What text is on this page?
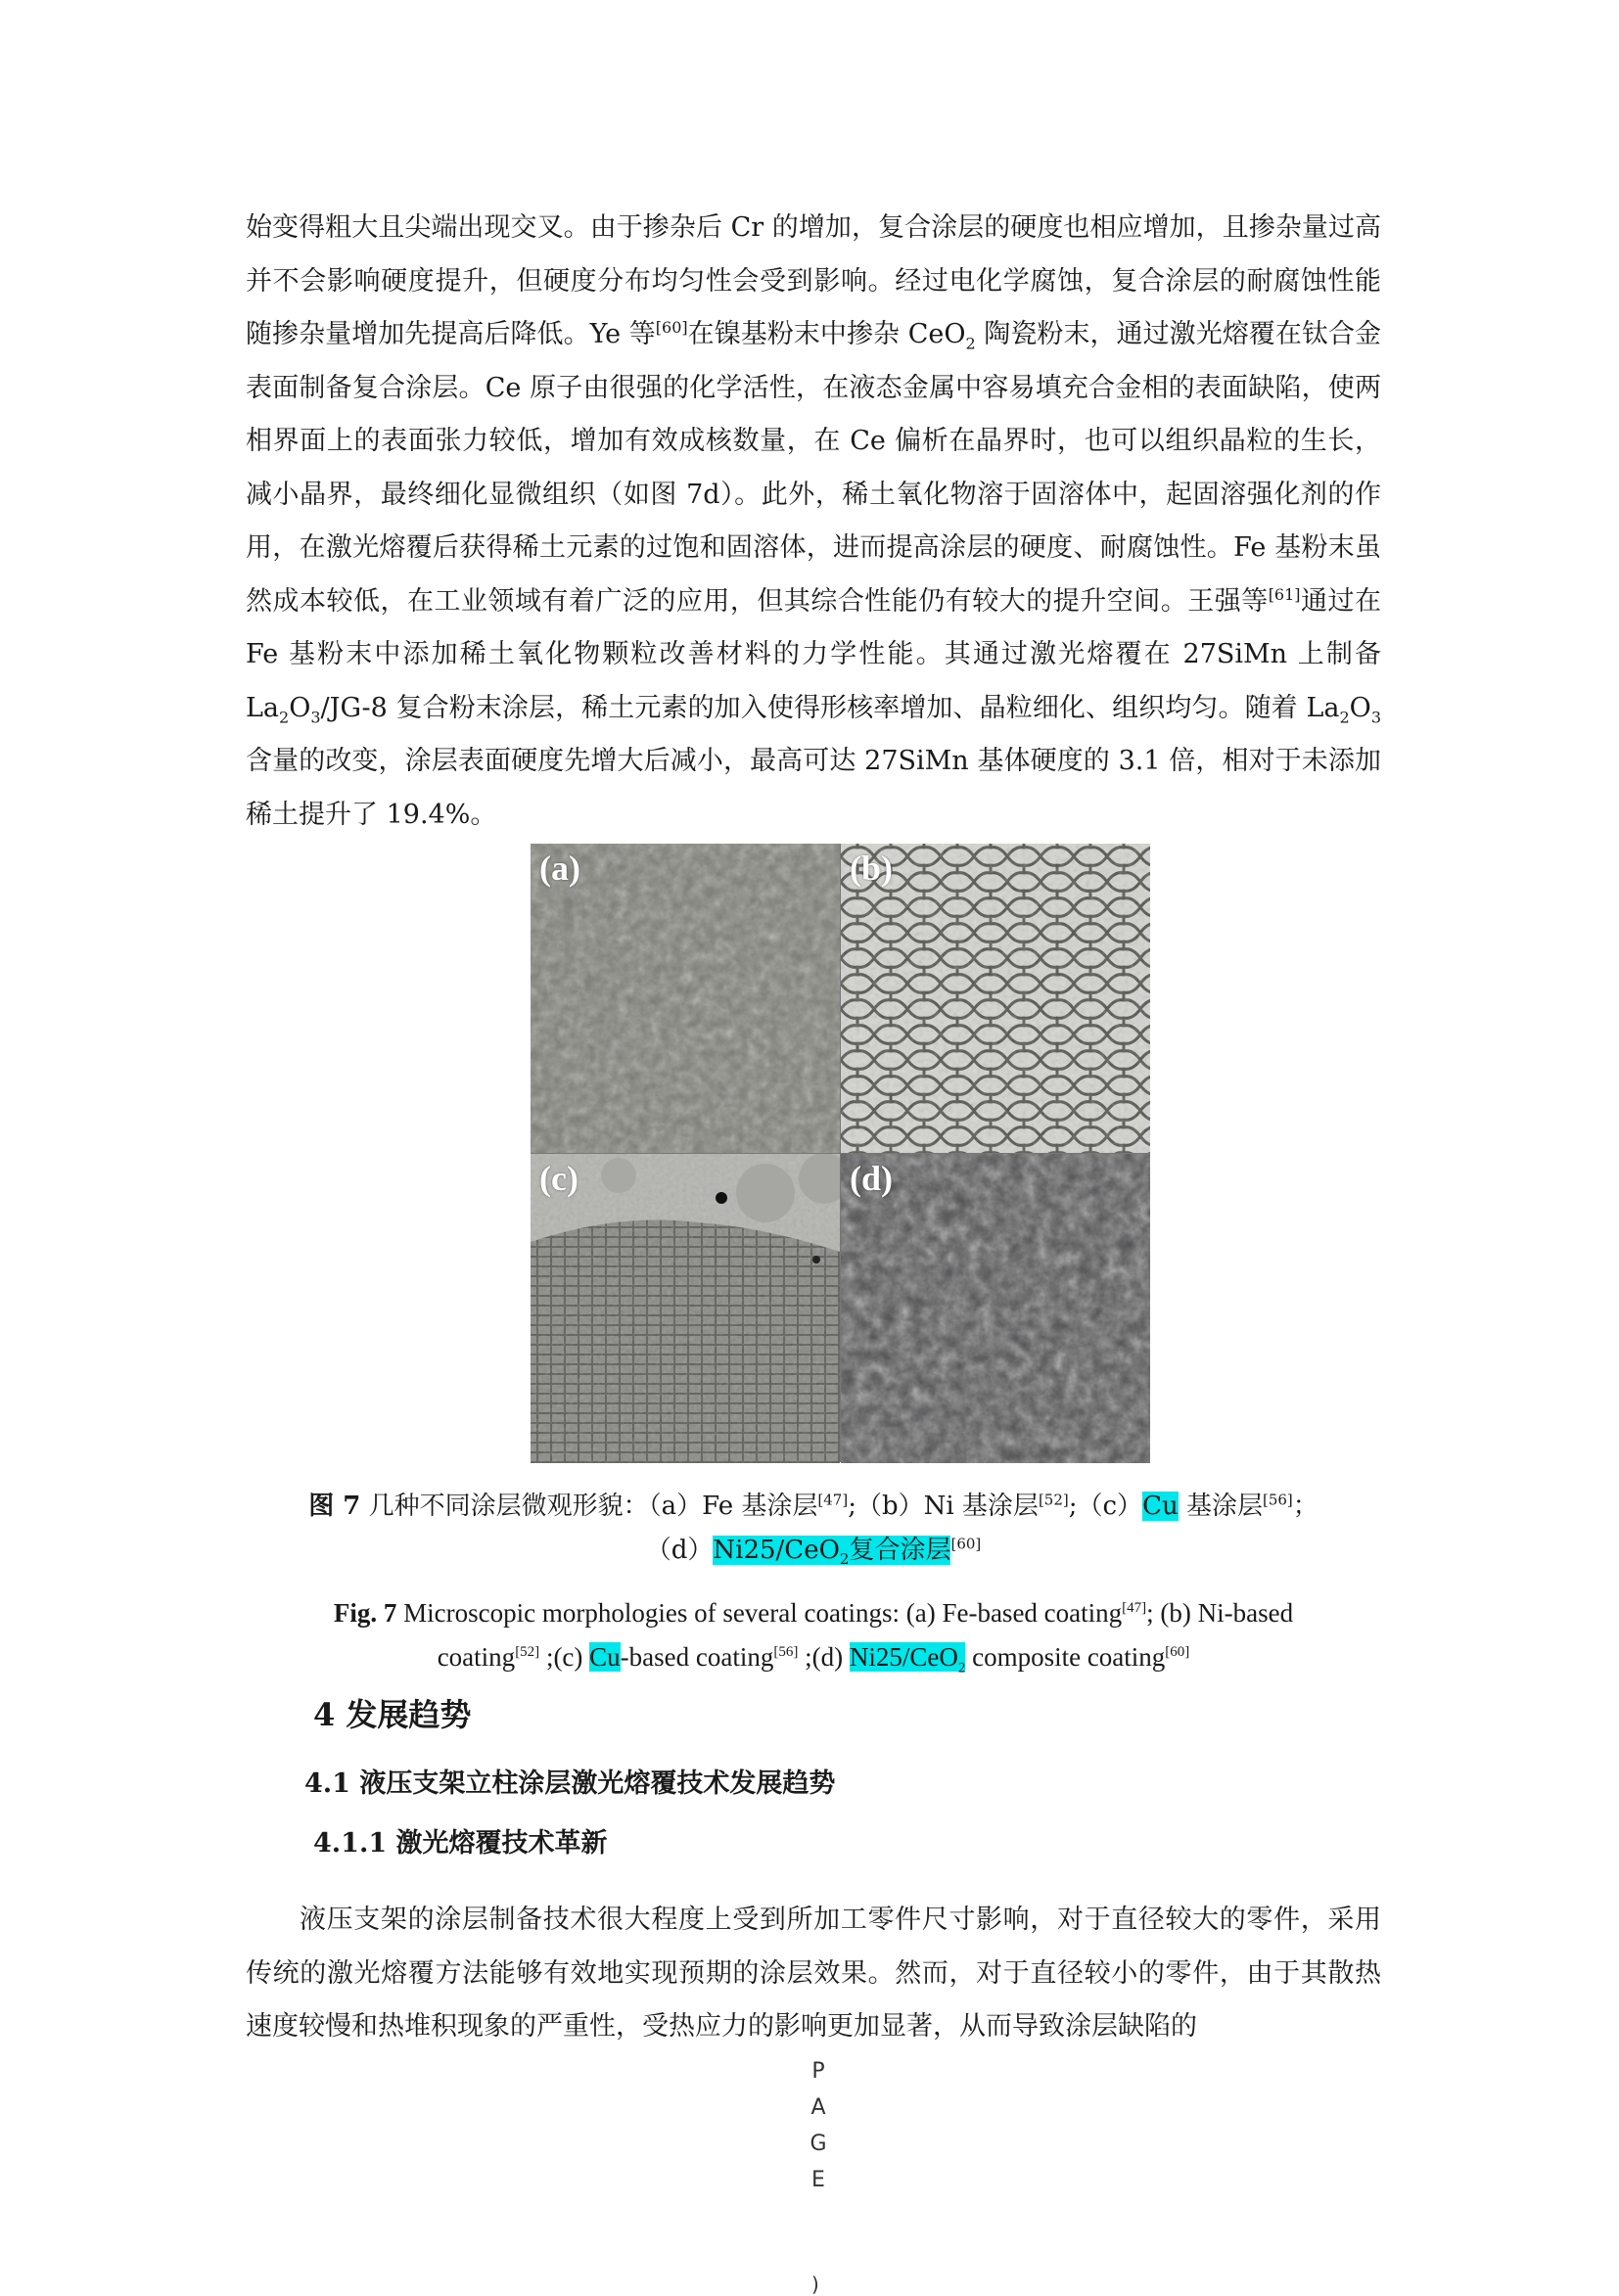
始变得粗大且尖端出现交叉。由于掺杂后 Cr 的增加，复合涂层的硬度也相应增加，且掺杂量过高并不会影响硬度提升，但硬度分布均匀性会受到影响。经过电化学腐蚀，复合涂层的耐腐蚀性能随掺杂量增加先提高后降低。Ye 等[60]在镍基粉末中掺杂 CeO$_2$ 陶瓷粉末，通过激光熔覆在钛合金表面制备复合涂层。Ce 原子由很强的化学活性，在液态金属中容易填充合金相的表面缺陷，使两相界面上的表面张力较低，增加有效成核数量，在 Ce 偏析在晶界时，也可以组织晶粒的生长，减小晶界，最终细化显微组织（如图 7d）。此外，稀土氧化物溶于固溶体中，起固溶强化剂的作用，在激光熔覆后获得稀土元素的过饱和固溶体，进而提高涂层的硬度、耐腐蚀性。Fe 基粉末虽然成本较低，在工业领域有着广泛的应用，但其综合性能仍有较大的提升空间。王强等[61]通过在 Fe 基粉末中添加稀土氧化物颗粒改善材料的力学性能。其通过激光熔覆在 27SiMn 上制备 $La_2O_3/JG-8$ 复合粉末涂层，稀土元素的加入使得形核率增加、晶粒细化、组织均匀。随着 $La_2O_3$ 含量的改变，涂层表面硬度先增大后减小，最高可达 27SiMn 基体硬度的 3.1 倍，相对于未添加稀土提升了 19.4%。

(a)	(b)
(c)	(d)

图 7 几种不同涂层微观形貌：（a）Fe 基涂层[47];（b）Ni 基涂层[52];（c）Cu 基涂层[56]；
（d）Ni25/CeO$_2$复合涂层[60]

Fig. 7 Microscopic morphologies of several coatings: (a) Fe-based coating[47]; (b) Ni-based
coating[52] ;(c) Cu-based coating[56] ;(d) Ni25/CeO$_2$ composite coating[60]

4 发展趋势
4.1 液压支架立柱涂层激光熔覆技术发展趋势
4.1.1 激光熔覆技术革新

液压支架的涂层制备技术很大程度上受到所加工零件尺寸影响，对于直径较大的零件，采用传统的激光熔覆方法能够有效地实现预期的涂层效果。然而，对于直径较小的零件，由于其散热速度较慢和热堆积现象的严重性，受热应力的影响更加显著，从而导致涂层缺陷的

P
A
G
E
)
